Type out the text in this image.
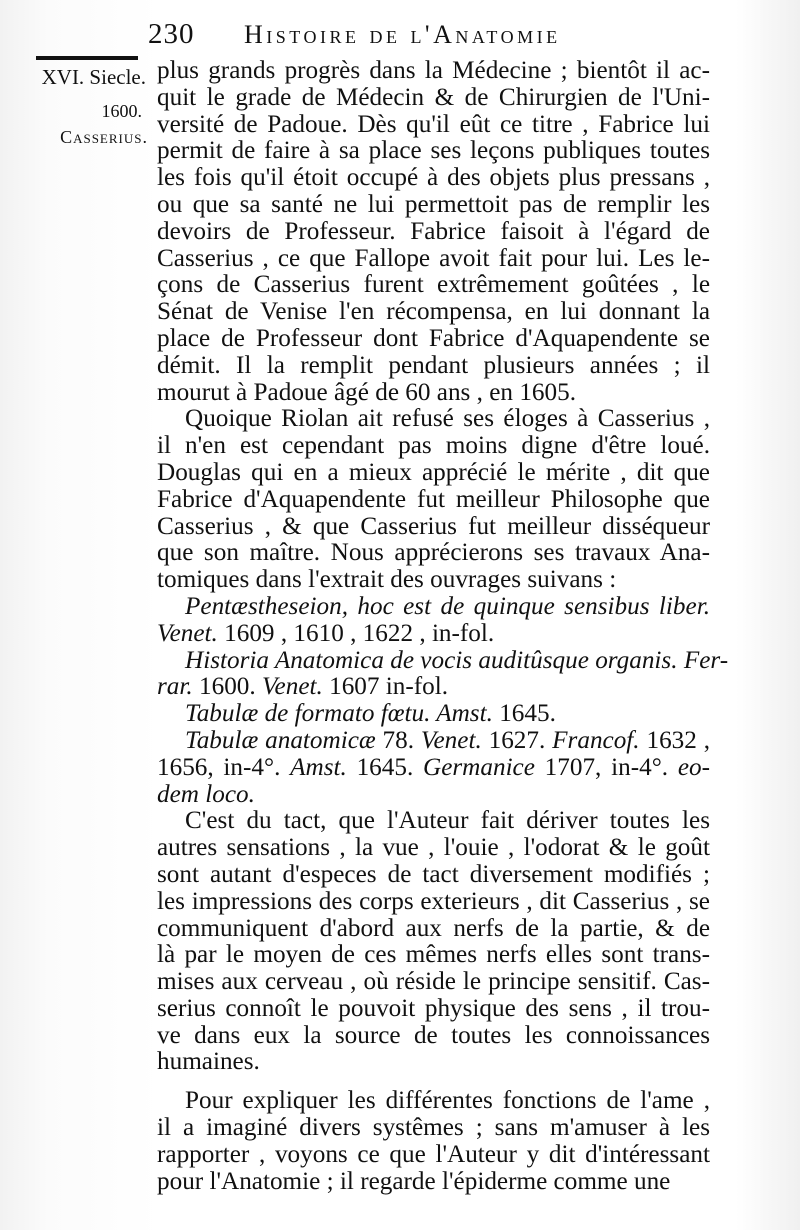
230 Histoire de l'Anatomie
XVI. Siecle.
1600.
Casserius.

plus grands progrès dans la Médecine ; bientôt il ac-
quit le grade de Médecin & de Chirurgien de l'Uni-
versité de Padoue. Dès qu'il eût ce titre , Fabrice lui
permit de faire à sa place ses leçons publiques toutes
les fois qu'il étoit occupé à des objets plus pressans ,
ou que sa santé ne lui permettoit pas de remplir les
devoirs de Professeur. Fabrice faisoit à l'égard de
Casserius , ce que Fallope avoit fait pour lui. Les le-
çons de Casserius furent extrêmement goûtées , le
Sénat de Venise l'en récompensa, en lui donnant la
place de Professeur dont Fabrice d'Aquapendente se
démit. Il la remplit pendant plusieurs années ; il
mourut à Padoue âgé de 60 ans , en 1605.

Quoique Riolan ait refusé ses éloges à Casserius ,
il n'en est cependant pas moins digne d'être loué.
Douglas qui en a mieux apprécié le mérite , dit que
Fabrice d'Aquapendente fut meilleur Philosophe que
Casserius , & que Casserius fut meilleur disséqueur
que son maître. Nous apprécierons ses travaux Ana-
tomiques dans l'extrait des ouvrages suivans :

Pentæstheseion, hoc est de quinque sensibus liber.
Venet. 1609 , 1610 , 1622 , in-fol.
Historia Anatomica de vocis auditûsque organis. Fer-
rar. 1600. Venet. 1607 in-fol.
Tabulæ de formato fœtu. Amst. 1645.
Tabulæ anatomicæ 78. Venet. 1627. Francof. 1632 ,
1656, in-4°. Amst. 1645. Germanice 1707, in-4°. eo-
dem loco.

C'est du tact, que l'Auteur fait dériver toutes les
autres sensations , la vue , l'ouie , l'odorat & le goût
sont autant d'especes de tact diversement modifiés ;
les impressions des corps exterieurs , dit Casserius , se
communiquent d'abord aux nerfs de la partie, & de
là par le moyen de ces mêmes nerfs elles sont trans-
mises aux cerveau , où réside le principe sensitif. Cas-
serius connoît le pouvoit physique des sens , il trou-
ve dans eux la source de toutes les connoissances
humaines.

Pour expliquer les différentes fonctions de l'ame ,
il a imaginé divers systêmes ; sans m'amuser à les
rapporter , voyons ce que l'Auteur y dit d'intéressant
pour l'Anatomie ; il regarde l'épiderme comme une
